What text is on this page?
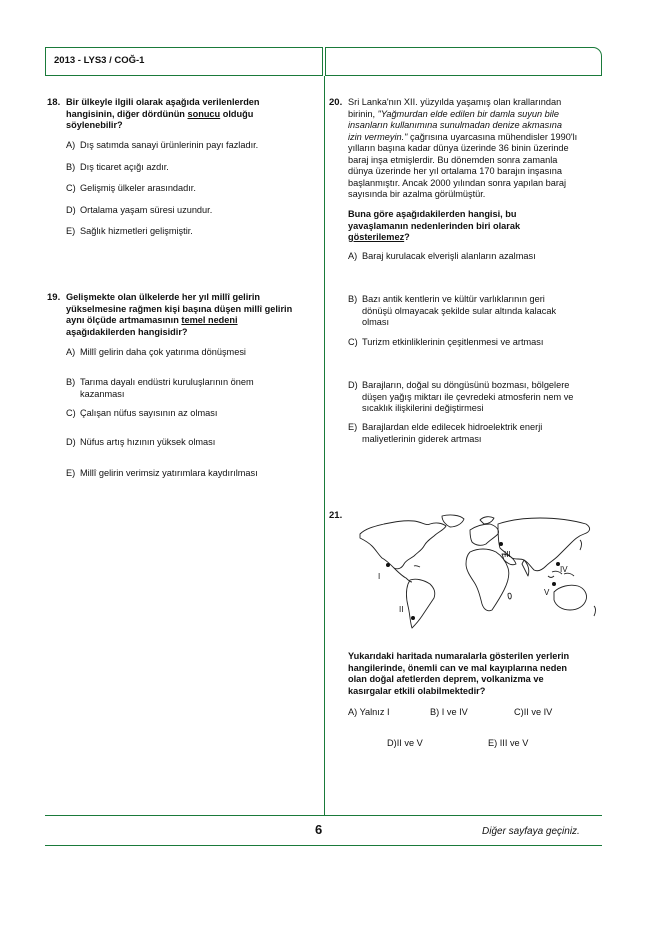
2013 - LYS3 / COĞ-1
18. Bir ülkeyle ilgili olarak aşağıda verilenlerden
hangisinin, diğer dördünün sonucu olduğu
söylenebilir?
A) Dış satımda sanayi ürünlerinin payı fazladır.
B) Dış ticaret açığı azdır.
C) Gelişmiş ülkeler arasındadır.
D) Ortalama yaşam süresi uzundur.
E) Sağlık hizmetleri gelişmiştir.
19. Gelişmekte olan ülkelerde her yıl millî gelirin
yükselmesine rağmen kişi başına düşen millî gelirin
aynı ölçüde artmamasının temel nedeni
aşağıdakilerden hangisidir?
A) Millî gelirin daha çok yatırıma dönüşmesi
B) Tarıma dayalı endüstri kuruluşlarının önem
kazanması
C) Çalışan nüfus sayısının az olması
D) Nüfus artış hızının yüksek olması
E) Millî gelirin verimsiz yatırımlara kaydırılması
20. Sri Lanka'nın XII. yüzyılda yaşamış olan krallarından
birinin, "Yağmurdan elde edilen bir damla suyun bile
insanların kullanımına sunulmadan denize akmasına
izin vermeyin." çağrısına uyarcasına mühendisler 1990'lı
yılların başına kadar dünya üzerinde 36 binin üzerinde
baraj inşa etmişlerdir. Bu dönemden sonra zamanla
dünya üzerinde her yıl ortalama 170 barajın inşasına
başlanmıştır. Ancak 2000 yılından sonra yapılan baraj
sayısında bir azalma görülmüştür.
Buna göre aşağıdakilerden hangisi, bu
yavaşlamanın nedenlerinden biri olarak
gösterilemez?
A) Baraj kurulacak elverişli alanların azalması
B) Bazı antik kentlerin ve kültür varlıklarının geri
dönüşü olmayacak şekilde sular altında kalacak
olması
C) Turizm etkinliklerinin çeşitlenmesi ve artması
D) Barajların, doğal su döngüsünü bozması, bölgelere
düşen yağış miktarı ile çevredeki atmosferin nem ve
sıcaklık ilişkilerini değiştirmesi
E) Barajlardan elde edilecek hidroelektrik enerji
maliyetlerinin giderek artması
21.
I
II
III
IV
V
Yukarıdaki haritada numaralarla gösterilen yerlerin
hangilerinde, önemli can ve mal kayıplarına neden
olan doğal afetlerden deprem, volkanizma ve
kasırgalar etkili olabilmektedir?
A) Yalnız I	B) I ve IV	C)II ve IV
D)II ve V	E) III ve V
6	Diğer sayfaya geçiniz.
